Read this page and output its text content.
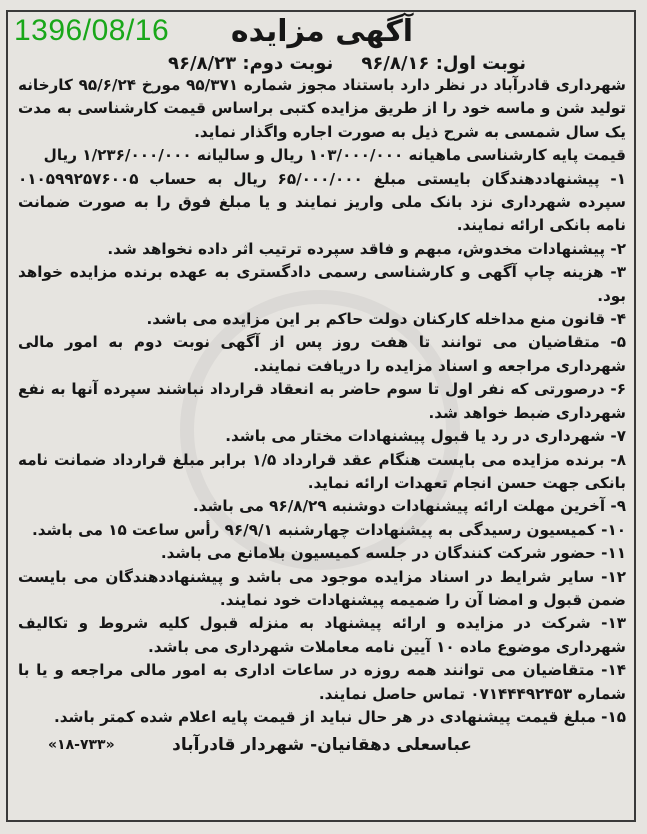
1396/08/16	آگهی مزایده
نوبت اول: ۹۶/۸/۱۶
نوبت دوم: ۹۶/۸/۲۳

شهرداری قادرآباد در نظر دارد باستناد مجوز شماره ۹۵/۳۷۱ مورخ ۹۵/۶/۲۴ کارخانه تولید شن و ماسه خود را از طریق مزایده کتبی براساس قیمت کارشناسی به مدت یک سال شمسی به شرح ذیل به صورت اجاره واگذار نماید.

قیمت پایه کارشناسی ماهیانه ۱۰۳/۰۰۰/۰۰۰ ریال و سالیانه ۱/۲۳۶/۰۰۰/۰۰۰ ریال

۱- پیشنهاددهندگان بایستی مبلغ ۶۵/۰۰۰/۰۰۰ ریال به حساب ۰۱۰۵۹۹۲۵۷۶۰۰۵ سپرده شهرداری نزد بانک ملی واریز نمایند و یا مبلغ فوق را به صورت ضمانت نامه بانکی ارائه نمایند.

۲- پیشنهادات مخدوش، مبهم و فاقد سپرده ترتیب اثر داده نخواهد شد.

۳- هزینه چاپ آگهی و کارشناسی رسمی دادگستری به عهده برنده مزایده خواهد بود.

۴- قانون منع مداخله کارکنان دولت حاکم بر این مزایده می باشد.

۵- متقاضیان می توانند تا هفت روز پس از آگهی نوبت دوم به امور مالی شهرداری مراجعه و اسناد مزایده را دریافت نمایند.

۶- درصورتی که نفر اول تا سوم حاضر به انعقاد قرارداد نباشند سپرده آنها به نفع شهرداری ضبط خواهد شد.

۷- شهرداری در رد یا قبول پیشنهادات مختار می باشد.

۸- برنده مزایده می بایست هنگام عقد قرارداد ۱/۵ برابر مبلغ قرارداد ضمانت نامه بانکی جهت حسن انجام تعهدات ارائه نماید.

۹- آخرین مهلت ارائه پیشنهادات دوشنبه ۹۶/۸/۲۹ می باشد.

۱۰- کمیسیون رسیدگی به پیشنهادات چهارشنبه ۹۶/۹/۱ رأس ساعت ۱۵ می باشد.

۱۱- حضور شرکت کنندگان در جلسه کمیسیون بلامانع می باشد.

۱۲- سایر شرایط در اسناد مزایده موجود می باشد و پیشنهاددهندگان می بایست ضمن قبول و امضا آن را ضمیمه پیشنهادات خود نمایند.

۱۳- شرکت در مزایده و ارائه پیشنهاد به منزله قبول کلیه شروط و تکالیف شهرداری موضوع ماده ۱۰ آیین نامه معاملات شهرداری می باشد.

۱۴- متقاضیان می توانند همه روزه در ساعات اداری به امور مالی مراجعه و یا با شماره ۰۷۱۴۴۴۹۲۴۵۳ تماس حاصل نمایند.

۱۵- مبلغ قیمت پیشنهادی در هر حال نباید از قیمت پایه اعلام شده کمتر باشد.

عباسعلی دهقانیان- شهردار قادرآباد
«۱۸-۷۳۳»
